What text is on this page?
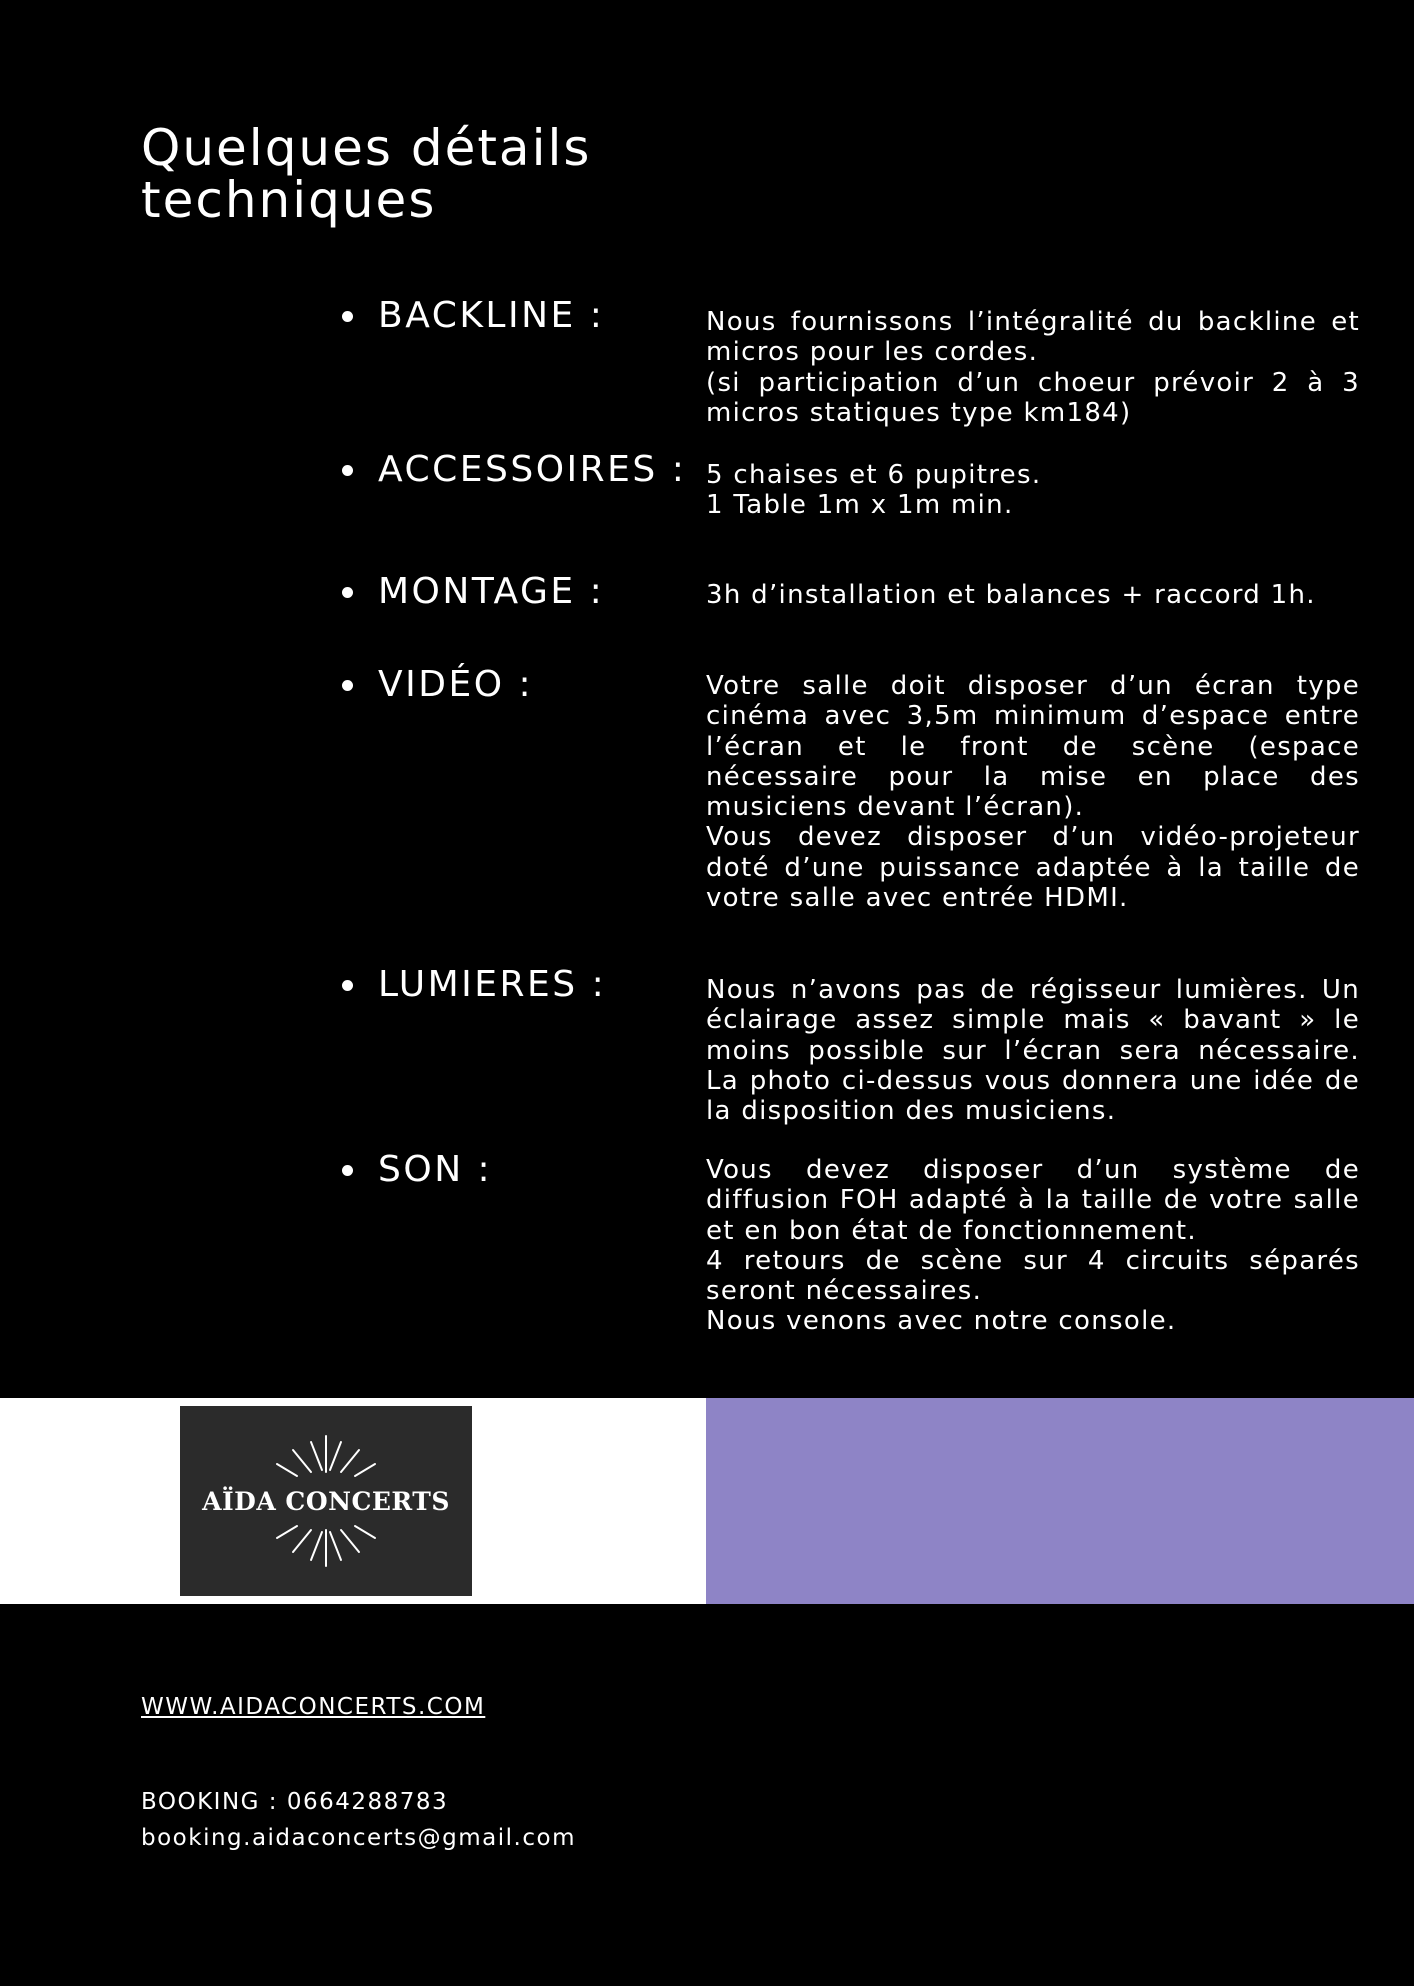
Quelques détails
techniques
BACKLINE :	Nous fournissons l’intégralité du backline et micros pour les cordes.

(si participation d’un choeur prévoir 2 à 3 micros statiques type km184)

ACCESSOIRES : 5 chaises et 6 pupitres.

1 Table 1m x 1m min.

MONTAGE :	3h d’installation et balances + raccord 1h.

VIDÉO :	Votre salle doit disposer d’un écran type cinéma avec 3,5m minimum d’espace entre l’écran et le front de scène (espace nécessaire pour la mise en place des musiciens devant l’écran).

Vous devez disposer d’un vidéo-projeteur doté d’une puissance adaptée à la taille de votre salle avec entrée HDMI.

LUMIERES :	Nous n’avons pas de régisseur lumières. Un éclairage assez simple mais « bavant » le moins possible sur l’écran sera nécessaire. La photo ci-dessus vous donnera une idée de la disposition des musiciens.

SON :	Vous devez disposer d’un système de diffusion FOH adapté à la taille de votre salle et en bon état de fonctionnement.

4 retours de scène sur 4 circuits séparés seront nécessaires.

Nous venons avec notre console.

AÏDA CONCERTS
WWW.AIDACONCERTS.COM
BOOKING : 0664288783
booking.aidaconcerts@gmail.com
